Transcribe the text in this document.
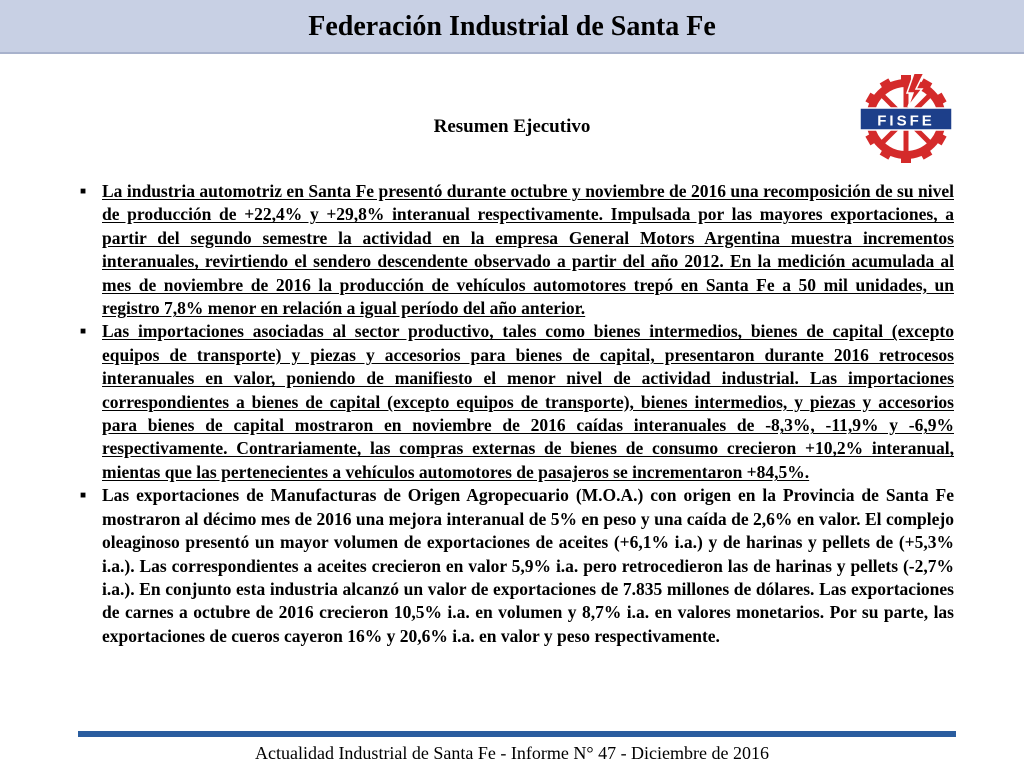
Federación Industrial de Santa Fe
FISFE
Resumen Ejecutivo
■ La industria automotriz en Santa Fe presentó durante octubre y noviembre de 2016 una recomposición de su nivel de producción de +22,4% y +29,8% interanual respectivamente. Impulsada por las mayores exportaciones, a partir del segundo semestre la actividad en la empresa General Motors Argentina muestra incrementos interanuales, revirtiendo el sendero descendente observado a partir del año 2012. En la medición acumulada al mes de noviembre de 2016 la producción de vehículos automotores trepó en Santa Fe a 50 mil unidades, un registro 7,8% menor en relación a igual período del año anterior.
■ Las importaciones asociadas al sector productivo, tales como bienes intermedios, bienes de capital (excepto equipos de transporte) y piezas y accesorios para bienes de capital, presentaron durante 2016 retrocesos interanuales en valor, poniendo de manifiesto el menor nivel de actividad industrial. Las importaciones correspondientes a bienes de capital (excepto equipos de transporte), bienes intermedios, y piezas y accesorios para bienes de capital mostraron en noviembre de 2016 caídas interanuales de -8,3%, -11,9% y -6,9% respectivamente. Contrariamente, las compras externas de bienes de consumo crecieron +10,2% interanual, mientas que las pertenecientes a vehículos automotores de pasajeros se incrementaron +84,5%.
■ Las exportaciones de Manufacturas de Origen Agropecuario (M.O.A.) con origen en la Provincia de Santa Fe mostraron al décimo mes de 2016 una mejora interanual de 5% en peso y una caída de 2,6% en valor. El complejo oleaginoso presentó un mayor volumen de exportaciones de aceites (+6,1% i.a.) y de harinas y pellets de (+5,3% i.a.). Las correspondientes a aceites crecieron en valor 5,9% i.a. pero retrocedieron las de harinas y pellets (-2,7% i.a.). En conjunto esta industria alcanzó un valor de exportaciones de 7.835 millones de dólares. Las exportaciones de carnes a octubre de 2016 crecieron 10,5% i.a. en volumen y 8,7% i.a. en valores monetarios. Por su parte, las exportaciones de cueros cayeron 16% y 20,6% i.a. en valor y peso respectivamente.
Actualidad Industrial de Santa Fe - Informe N° 47 - Diciembre de 2016
